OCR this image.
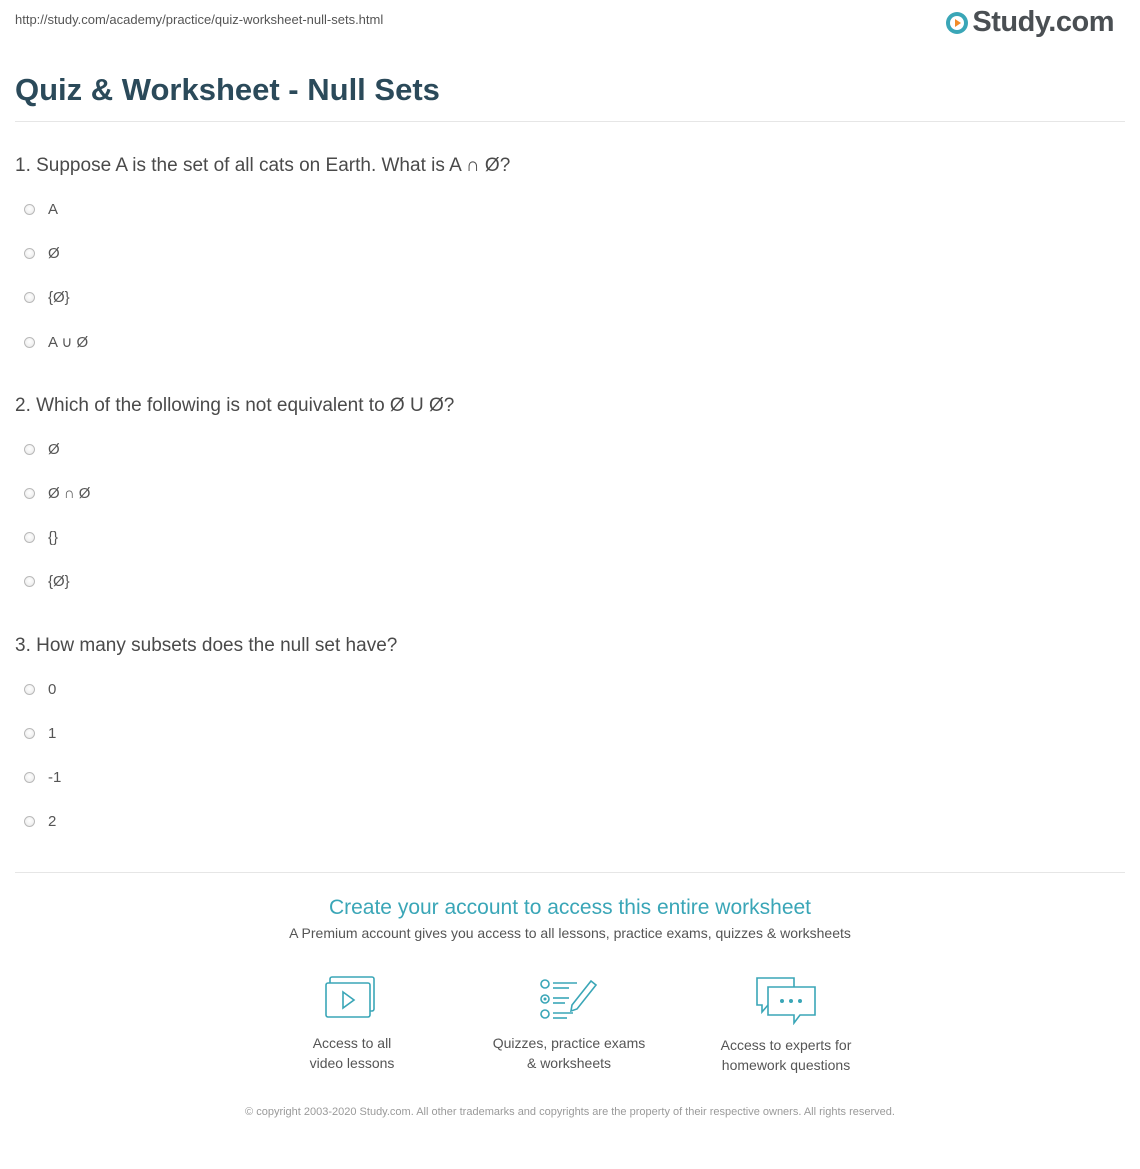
http://study.com/academy/practice/quiz-worksheet-null-sets.html	Study.com
Quiz & Worksheet - Null Sets
1. Suppose A is the set of all cats on Earth. What is A ∩ Ø?
A
Ø
{Ø}
A ∪ Ø
2. Which of the following is not equivalent to Ø U Ø?
Ø
Ø ∩ Ø
{}
{Ø}
3. How many subsets does the null set have?
0
1
-1
2
Create your account to access this entire worksheet
A Premium account gives you access to all lessons, practice exams, quizzes & worksheets
Access to all
video lessons
Quizzes, practice exams
& worksheets
Access to experts for
homework questions
© copyright 2003-2020 Study.com. All other trademarks and copyrights are the property of their respective owners. All rights reserved.
